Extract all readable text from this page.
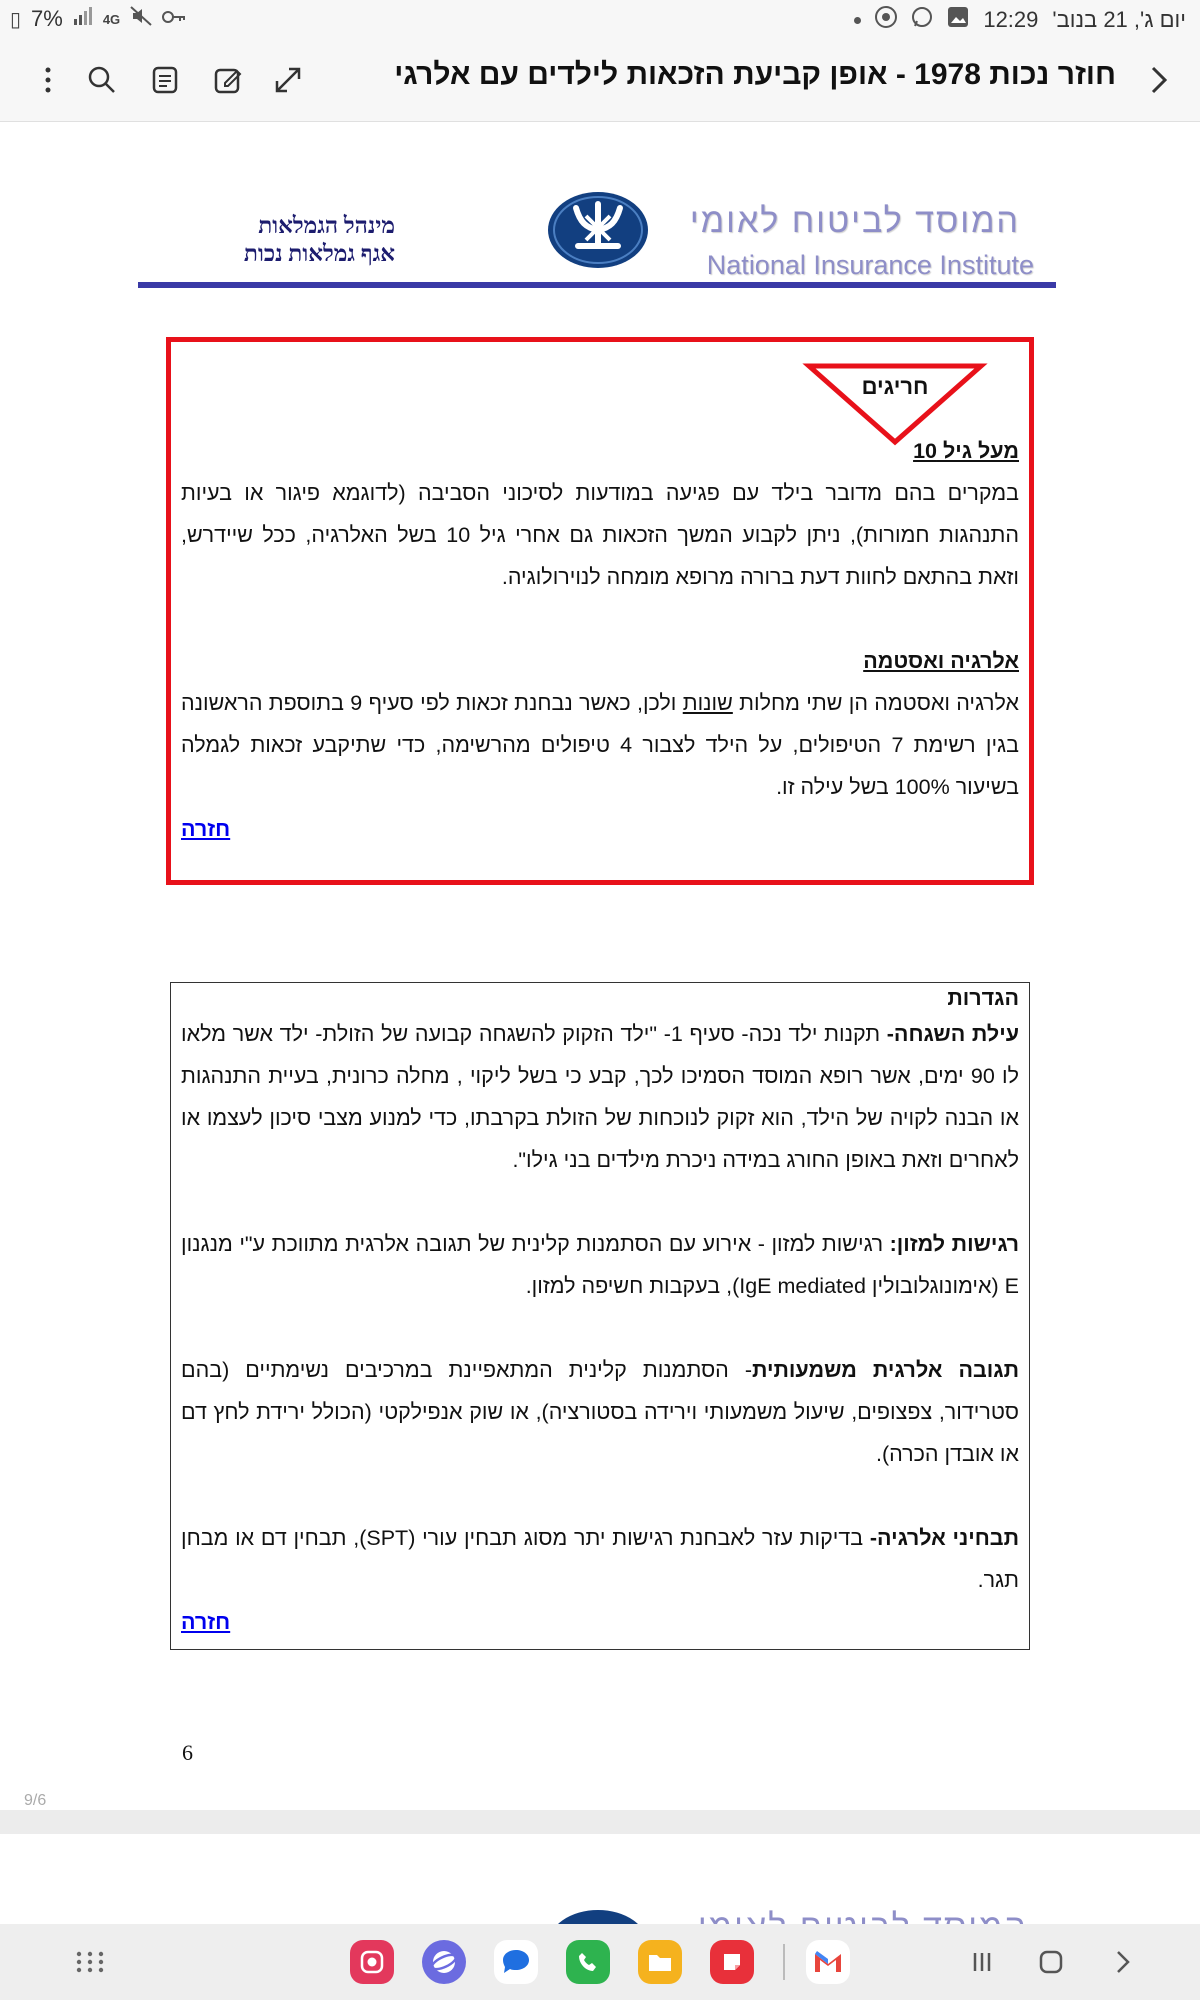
▯ 7%	4G	12:29 יום ג', 21 בנוב'
חוזר נכות 1978 - אופן קביעת הזכאות לילדים עם אלרגי
מינהל הגמלאות
אגף גמלאות נכות
המוסד לביטוח לאומי
National Insurance Institute
חריגים

מעל גיל 10

במקרים בהם מדובר בילד עם פגיעה במודעות לסיכוני הסביבה (לדוגמא פיגור או בעיות התנהגות חמורות), ניתן לקבוע המשך הזכאות גם אחרי גיל 10 בשל האלרגיה, ככל שיידרש, וזאת בהתאם לחוות דעת ברורה מרופא מומחה לנוירולוגיה.

אלרגיה ואסטמה

אלרגיה ואסטמה הן שתי מחלות שונות ולכן, כאשר נבחנת זכאות לפי סעיף 9 בתוספת הראשונה בגין רשימת 7 הטיפולים, על הילד לצבור 4 טיפולים מהרשימה, כדי שתיקבע זכאות לגמלה בשיעור 100% בשל עילה זו.

חזרה

הגדרות

עילת השגחה- תקנות ילד נכה- סעיף 1- "ילד הזקוק להשגחה קבועה של הזולת- ילד אשר מלאו לו 90 ימים, אשר רופא המוסד הסמיכו לכך, קבע כי בשל ליקוי , מחלה כרונית, בעיית התנהגות או הבנה לקויה של הילד, הוא זקוק לנוכחות של הזולת בקרבתו, כדי למנוע מצבי סיכון לעצמו או לאחרים וזאת באופן החורג במידה ניכרת מילדים בני גילו".

רגישות למזון: רגישות למזון - אירוע עם הסתמנות קלינית של תגובה אלרגית מתווכת ע"י מנגנון E (אימונוגלובולין IgE mediated), בעקבות חשיפה למזון.

תגובה אלרגית משמעותית- הסתמנות קלינית המתאפיינת במרכיבים נשימתיים (בהם סטרידור, צפצופים, שיעול משמעותי וירידה בסטורציה), או שוק אנפילקטי (הכולל ירידת לחץ דם או אובדן הכרה).

תבחיני אלרגיה- בדיקות עזר לאבחנת רגישות יתר מסוג תבחין עורי (SPT), תבחין דם או מבחן תגר.

חזרה
6
9/6
